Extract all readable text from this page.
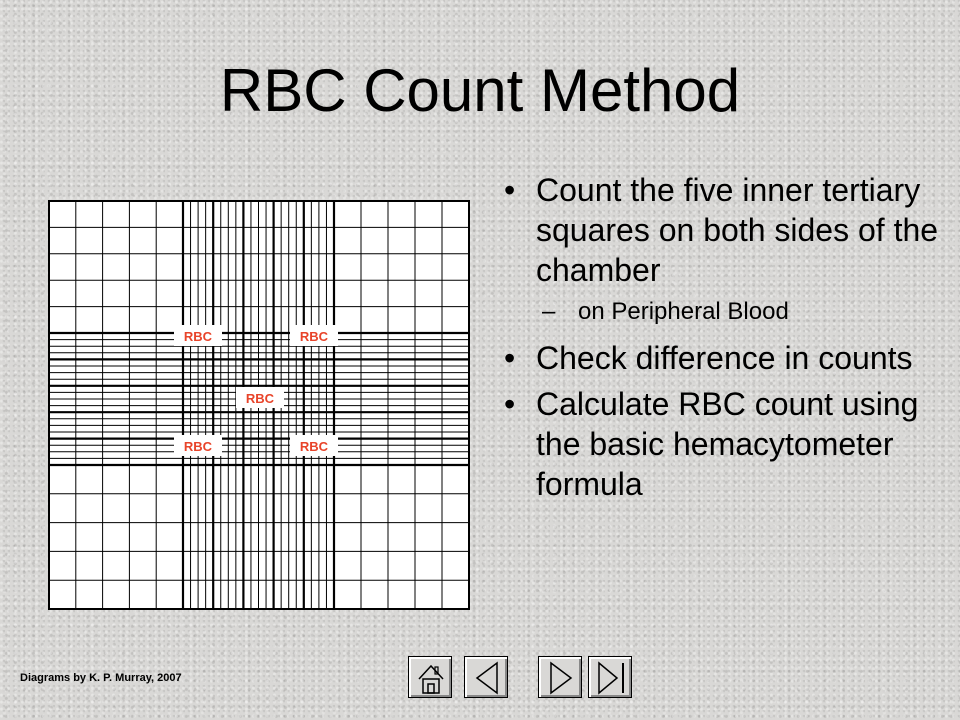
RBC Count Method
RBC	RBC
RBC
RBC	RBC
• Count the five inner tertiary squares on both sides of the chamber
– on Peripheral Blood
• Check difference in counts
• Calculate RBC count using the basic hemacytometer formula
Diagrams by K. P. Murray, 2007
